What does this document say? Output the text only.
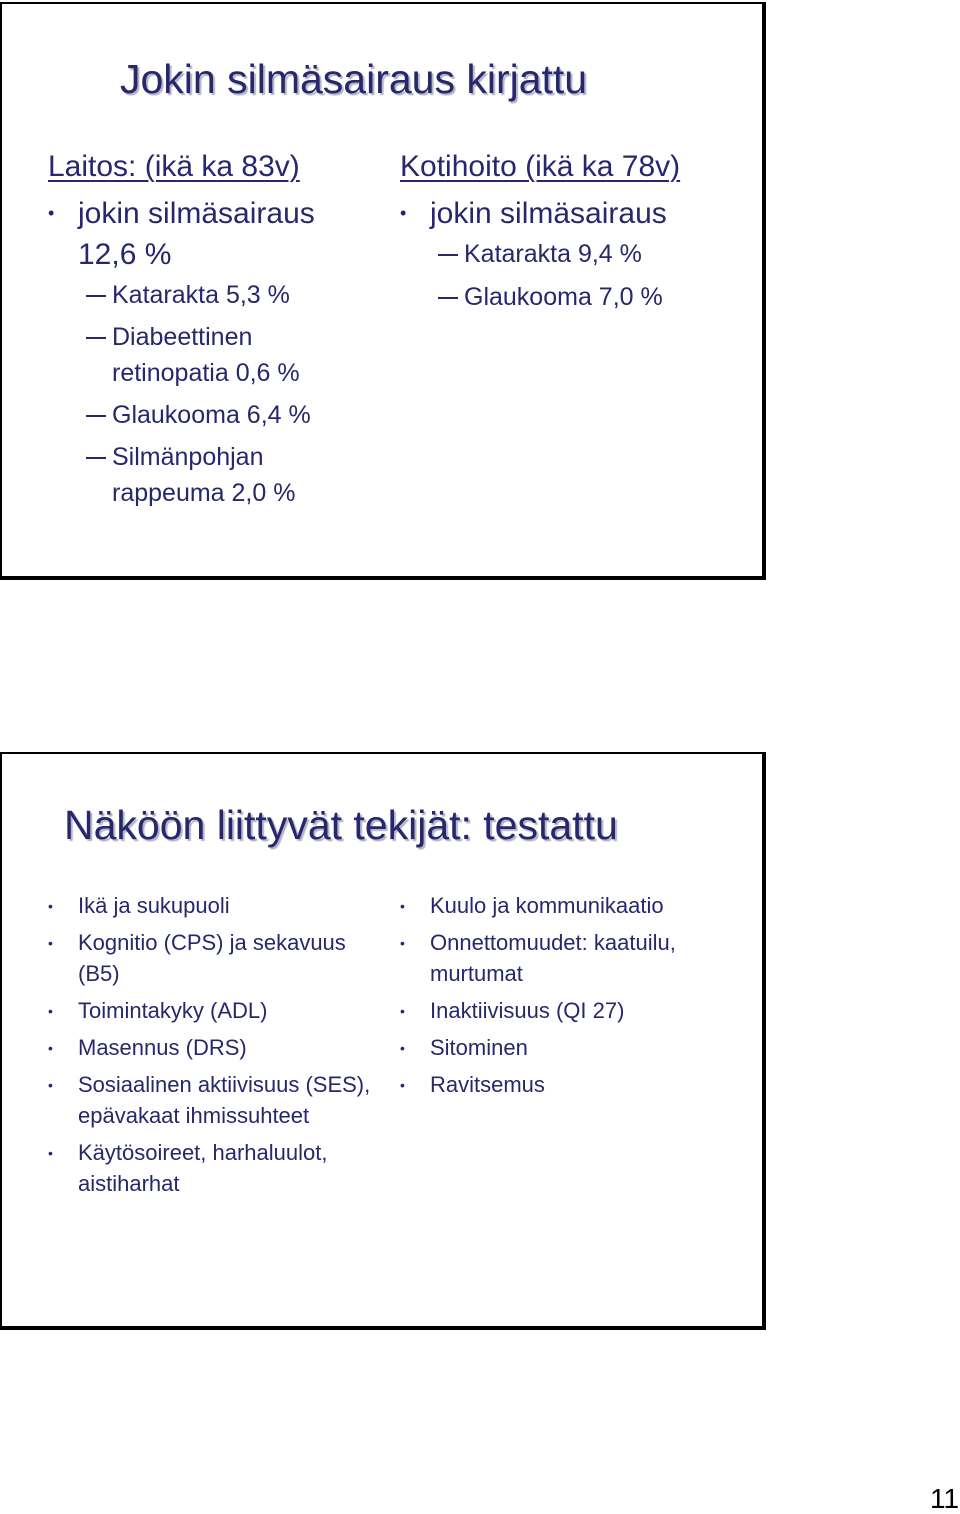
Jokin silmäsairaus kirjattu
Laitos: (ikä ka 83v)
• jokin silmäsairaus 12,6 %
Katarakta 5,3 %
Diabeettinen retinopatia 0,6 %
Glaukooma 6,4 %
Silmänpohjan rappeuma 2,0 %
Kotihoito (ikä ka 78v)
• jokin silmäsairaus
Katarakta 9,4 %
Glaukooma 7,0 %
Näköön liittyvät tekijät: testattu
•	Ikä ja sukupuoli
•	Kognitio (CPS) ja sekavuus (B5)
•	Toimintakyky (ADL)
•	Masennus (DRS)
•	Sosiaalinen aktiivisuus (SES), epävakaat ihmissuhteet
•	Käytösoireet, harhaluulot, aistiharhat
•	Kuulo ja kommunikaatio
•	Onnettomuudet: kaatuilu, murtumat
•	Inaktiivisuus (QI 27)
•	Sitominen
•	Ravitsemus
11
